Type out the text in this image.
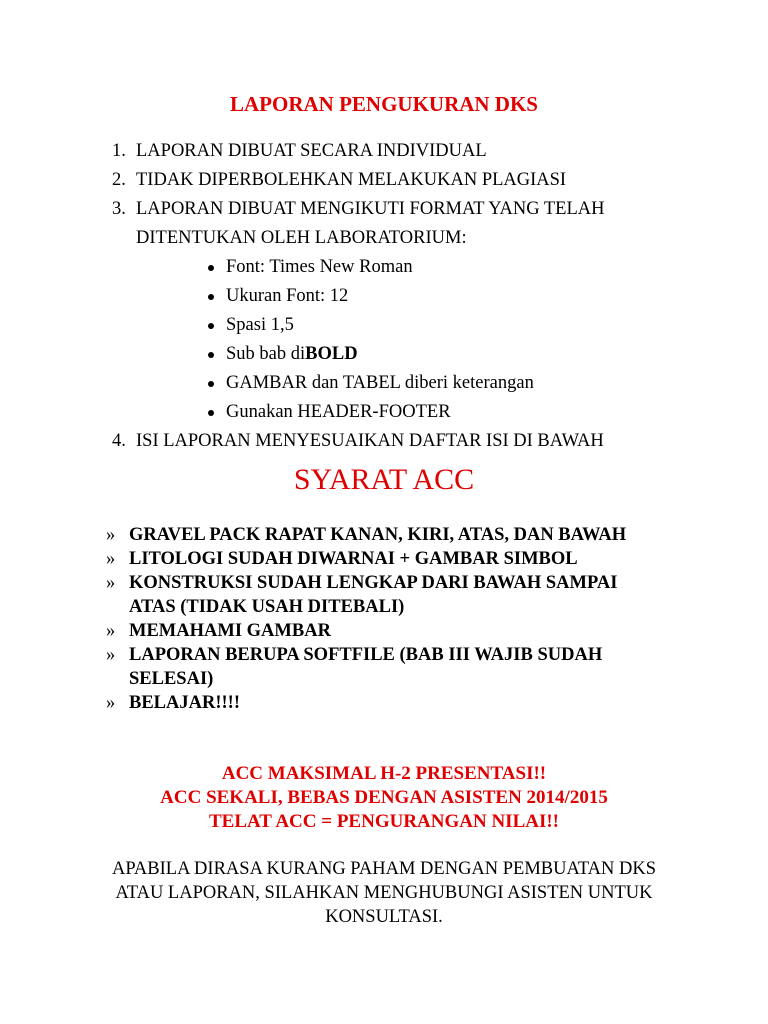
LAPORAN PENGUKURAN DKS
1. LAPORAN DIBUAT SECARA INDIVIDUAL
2. TIDAK DIPERBOLEHKAN MELAKUKAN PLAGIASI
3. LAPORAN DIBUAT MENGIKUTI FORMAT YANG TELAH DITENTUKAN OLEH LABORATORIUM:
Font: Times New Roman
Ukuran Font: 12
Spasi 1,5
Sub bab diBOLD
GAMBAR dan TABEL diberi keterangan
Gunakan HEADER-FOOTER
4. ISI LAPORAN MENYESUAIKAN DAFTAR ISI DI BAWAH
SYARAT ACC
» GRAVEL PACK RAPAT KANAN, KIRI, ATAS, DAN BAWAH
» LITOLOGI SUDAH DIWARNAI + GAMBAR SIMBOL
» KONSTRUKSI SUDAH LENGKAP DARI BAWAH SAMPAI ATAS (TIDAK USAH DITEBALI)
» MEMAHAMI GAMBAR
» LAPORAN BERUPA SOFTFILE (BAB III WAJIB SUDAH SELESAI)
» BELAJAR!!!!
ACC MAKSIMAL H-2 PRESENTASI!!
ACC SEKALI, BEBAS DENGAN ASISTEN 2014/2015
TELAT ACC = PENGURANGAN NILAI!!
APABILA DIRASA KURANG PAHAM DENGAN PEMBUATAN DKS
ATAU LAPORAN, SILAHKAN MENGHUBUNGI ASISTEN UNTUK
KONSULTASI.
